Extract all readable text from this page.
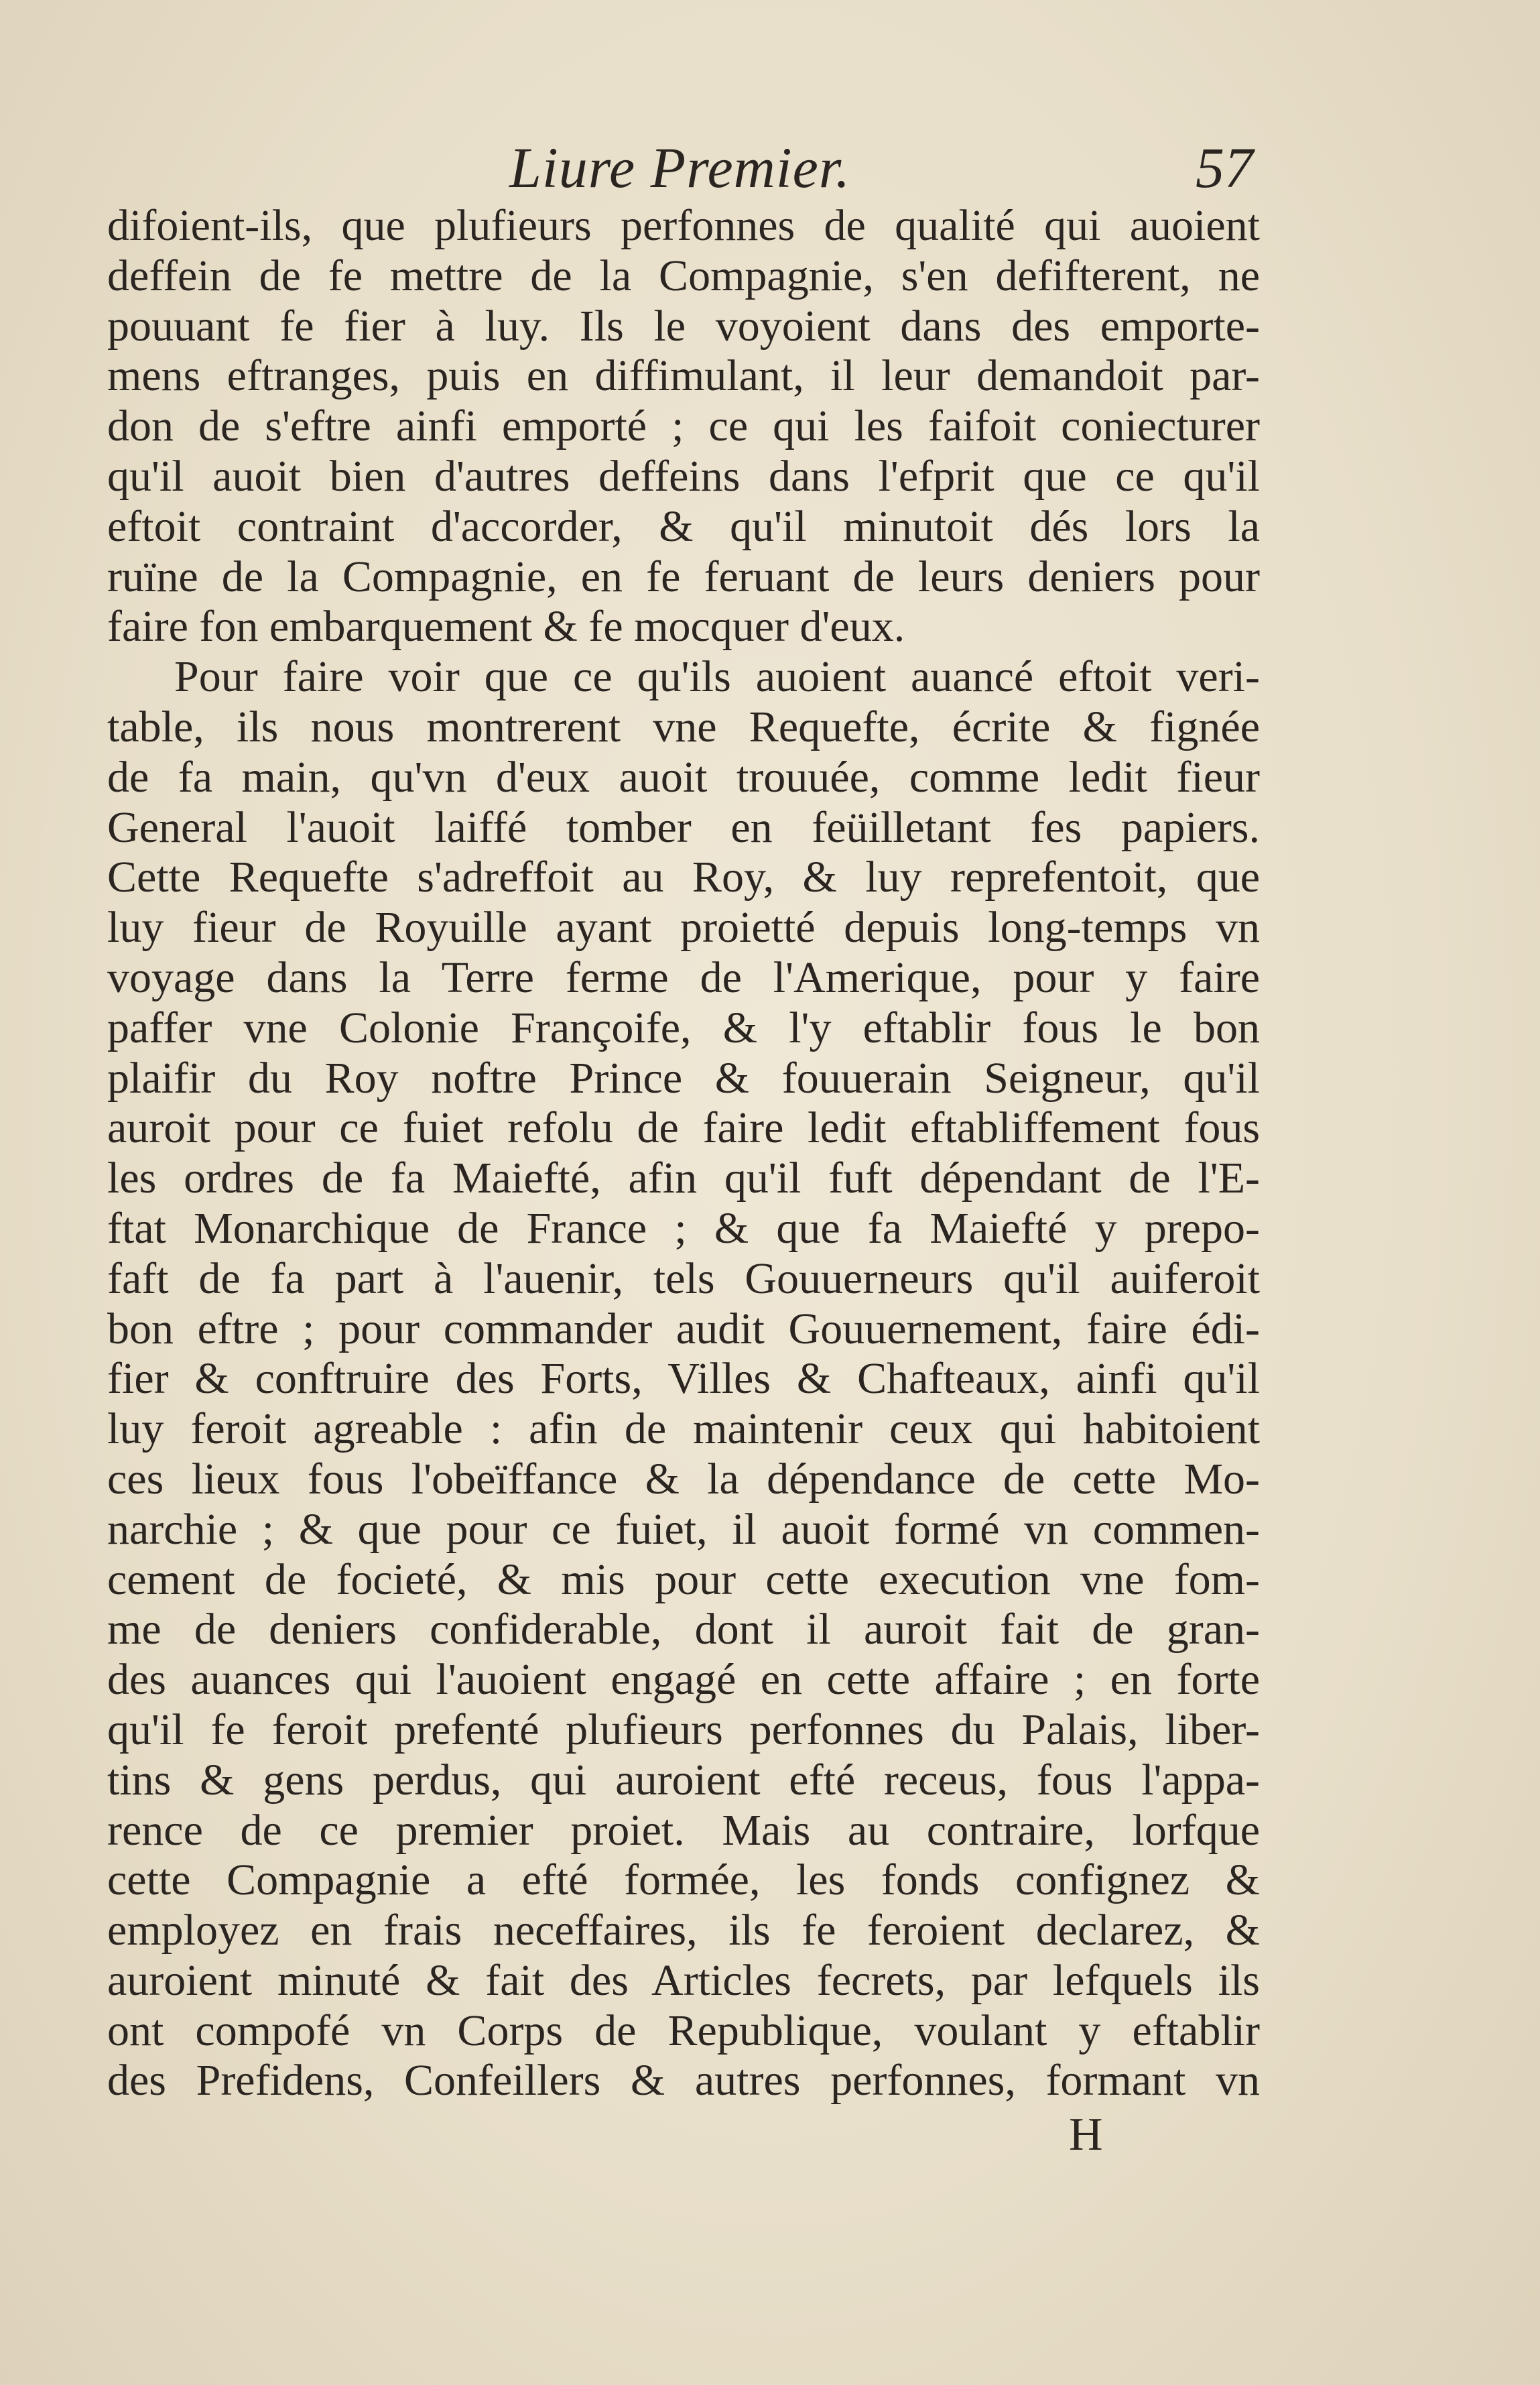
Liure Premier.	57
difoient-ils, que plufieurs perfonnes de qualité qui auoient
deffein de fe mettre de la Compagnie, s'en defifterent, ne
pouuant fe fier à luy. Ils le voyoient dans des emporte-
mens eftranges, puis en diffimulant, il leur demandoit par-
don de s'eftre ainfi emporté ; ce qui les faifoit coniecturer
qu'il auoit bien d'autres deffeins dans l'efprit que ce qu'il
eftoit contraint d'accorder, & qu'il minutoit dés lors la
ruïne de la Compagnie, en fe feruant de leurs deniers pour
faire fon embarquement & fe mocquer d'eux.
Pour faire voir que ce qu'ils auoient auancé eftoit veri-
table, ils nous montrerent vne Requefte, écrite & fignée
de fa main, qu'vn d'eux auoit trouuée, comme ledit fieur
General l'auoit laiffé tomber en feüilletant fes papiers.
Cette Requefte s'adreffoit au Roy, & luy reprefentoit, que
luy fieur de Royuille ayant proietté depuis long-temps vn
voyage dans la Terre ferme de l'Amerique, pour y faire
paffer vne Colonie Françoife, & l'y eftablir fous le bon
plaifir du Roy noftre Prince & fouuerain Seigneur, qu'il
auroit pour ce fuiet refolu de faire ledit eftabliffement fous
les ordres de fa Maiefté, afin qu'il fuft dépendant de l'E-
ftat Monarchique de France ; & que fa Maiefté y prepo-
faft de fa part à l'auenir, tels Gouuerneurs qu'il auiferoit
bon eftre ; pour commander audit Gouuernement, faire édi-
fier & conftruire des Forts, Villes & Chafteaux, ainfi qu'il
luy feroit agreable : afin de maintenir ceux qui habitoient
ces lieux fous l'obeïffance & la dépendance de cette Mo-
narchie ; & que pour ce fuiet, il auoit formé vn commen-
cement de focieté, & mis pour cette execution vne fom-
me de deniers confiderable, dont il auroit fait de gran-
des auances qui l'auoient engagé en cette affaire ; en forte
qu'il fe feroit prefenté plufieurs perfonnes du Palais, liber-
tins & gens perdus, qui auroient efté receus, fous l'appa-
rence de ce premier proiet. Mais au contraire, lorfque
cette Compagnie a efté formée, les fonds confignez &
employez en frais neceffaires, ils fe feroient declarez, &
auroient minuté & fait des Articles fecrets, par lefquels ils
ont compofé vn Corps de Republique, voulant y eftablir
des Prefidens, Confeillers & autres perfonnes, formant vn
H
